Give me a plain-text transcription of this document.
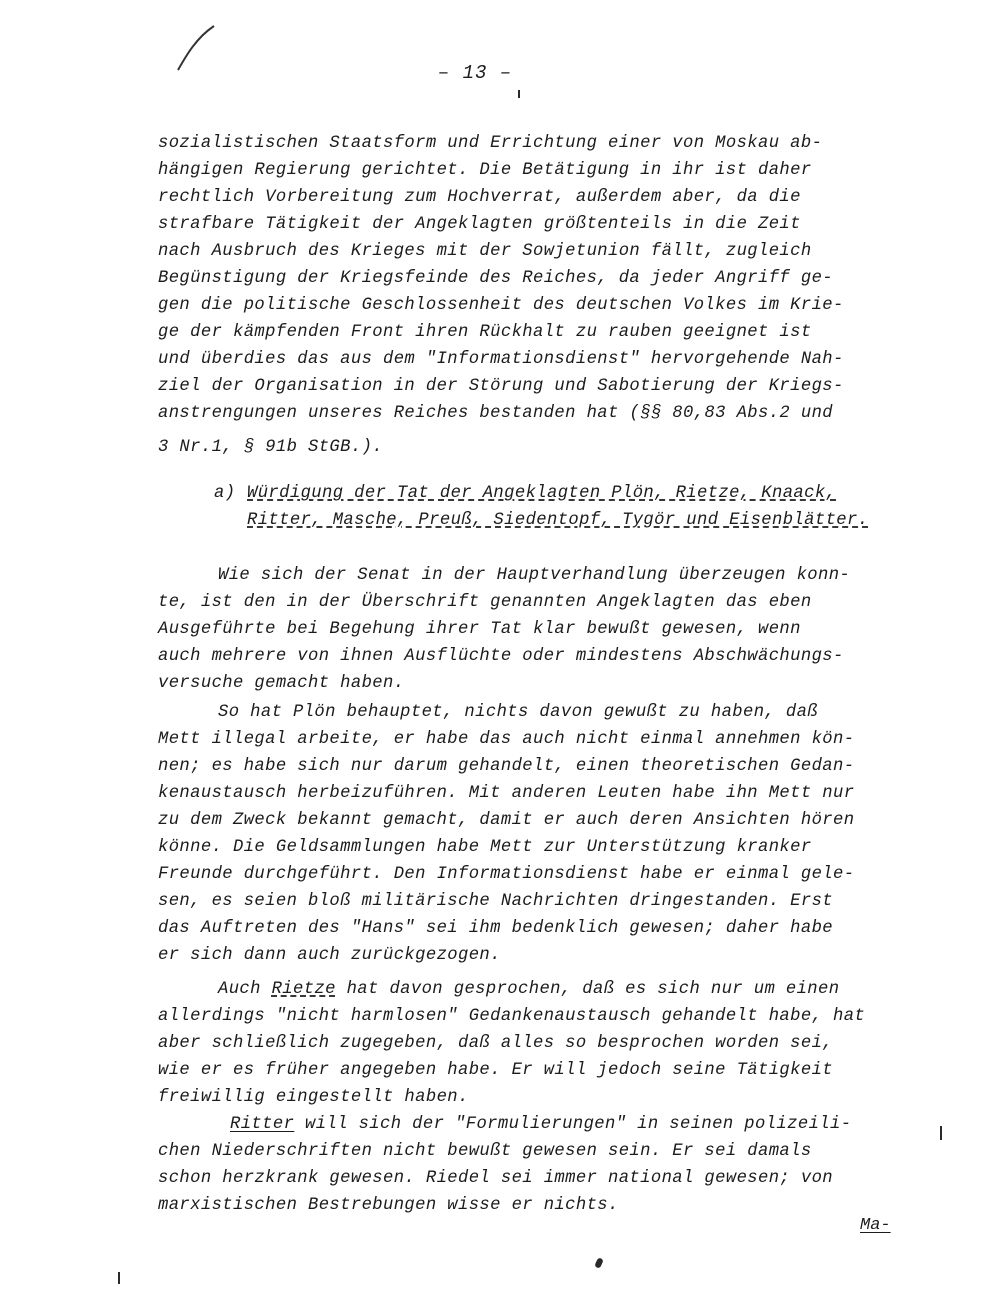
– 13 –
sozialistischen Staatsform und Errichtung einer von Moskau ab-
hängigen Regierung gerichtet. Die Betätigung in ihr ist daher
rechtlich Vorbereitung zum Hochverrat, außerdem aber, da die
strafbare Tätigkeit der Angeklagten größtenteils in die Zeit
nach Ausbruch des Krieges mit der Sowjetunion fällt, zugleich
Begünstigung der Kriegsfeinde des Reiches, da jeder Angriff ge-
gen die politische Geschlossenheit des deutschen Volkes im Krie-
ge der kämpfenden Front ihren Rückhalt zu rauben geeignet ist
und überdies das aus dem "Informationsdienst" hervorgehende Nah-
ziel der Organisation in der Störung und Sabotierung der Kriegs-
anstrengungen unseres Reiches bestanden hat (§§ 80,83 Abs.2 und
3 Nr.1, § 91b StGB.).
a) Würdigung der Tat der Angeklagten Plön, Rietze, Knaack,
Ritter, Masche, Preuß, Siedentopf, Tygör und Eisenblätter.
Wie sich der Senat in der Hauptverhandlung überzeugen konn-
te, ist den in der Überschrift genannten Angeklagten das eben
Ausgeführte bei Begehung ihrer Tat klar bewußt gewesen, wenn
auch mehrere von ihnen Ausflüchte oder mindestens Abschwächungs-
versuche gemacht haben.
So hat Plön behauptet, nichts davon gewußt zu haben, daß
Mett illegal arbeite, er habe das auch nicht einmal annehmen kön-
nen; es habe sich nur darum gehandelt, einen theoretischen Gedan-
kenaustausch herbeizuführen. Mit anderen Leuten habe ihn Mett nur
zu dem Zweck bekannt gemacht, damit er auch deren Ansichten hören
könne. Die Geldsammlungen habe Mett zur Unterstützung kranker
Freunde durchgeführt. Den Informationsdienst habe er einmal gele-
sen, es seien bloß militärische Nachrichten dringestanden. Erst
das Auftreten des "Hans" sei ihm bedenklich gewesen; daher habe
er sich dann auch zurückgezogen.
Auch Rietze hat davon gesprochen, daß es sich nur um einen
allerdings "nicht harmlosen" Gedankenaustausch gehandelt habe, hat
aber schließlich zugegeben, daß alles so besprochen worden sei,
wie er es früher angegeben habe. Er will jedoch seine Tätigkeit
freiwillig eingestellt haben.
Ritter will sich der "Formulierungen" in seinen polizeili-
chen Niederschriften nicht bewußt gewesen sein. Er sei damals
schon herzkrank gewesen. Riedel sei immer national gewesen; von
marxistischen Bestrebungen wisse er nichts.
Ma-
